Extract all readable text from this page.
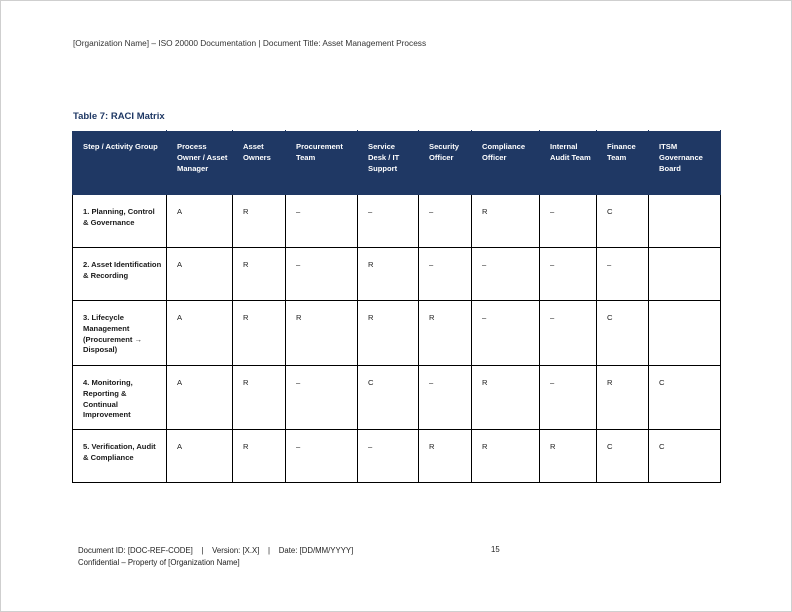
[Organization Name] – ISO 20000 Documentation | Document Title: Asset Management Process
Table 7: RACI Matrix
Step / Activity Group	Process Owner / Asset Manager	Asset Owners	Procurement Team	Service Desk / IT Support	Security Officer	Compliance Officer	Internal Audit Team	Finance Team	ITSM Governance Board
1. Planning, Control & Governance	A	R	–	–	–	R	–	C	
2. Asset Identification & Recording	A	R	–	R	–	–	–	–	
3. Lifecycle Management (Procurement → Disposal)	A	R	R	R	R	–	–	C	
4. Monitoring, Reporting & Continual Improvement	A	R	–	C	–	R	–	R	C
5. Verification, Audit & Compliance	A	R	–	–	R	R	R	C	C
Document ID: [DOC-REF-CODE]    |    Version: [X.X]    |    Date: [DD/MM/YYYY]
Confidential – Property of [Organization Name]
15
